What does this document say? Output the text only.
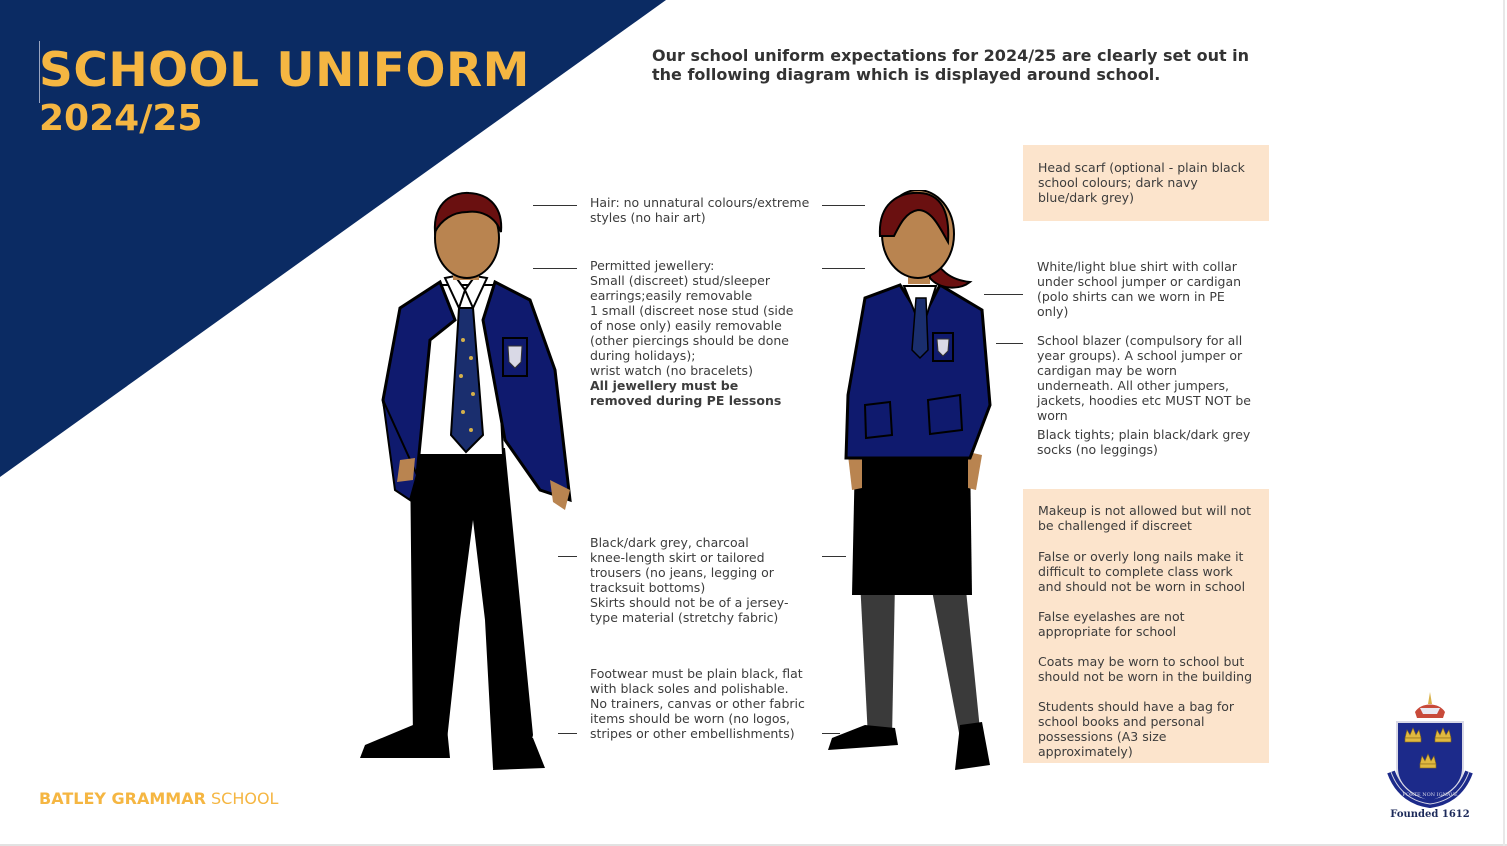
SCHOOL UNIFORM
2024/25
Our school uniform expectations for 2024/25 are clearly set out in the following diagram which is displayed around school.

Hair: no unnatural colours/extreme styles (no hair art)

Permitted jewellery:

Small (discreet) stud/sleeper earrings;easily removable

1 small (discreet nose stud (side of nose only) easily removable

(other piercings should be done during holidays);

wrist watch (no bracelets)

All jewellery must be removed during PE lessons

Black/dark grey, charcoal

knee-length skirt or tailored trousers (no jeans, legging or tracksuit bottoms)

Skirts should not be of a jersey-type material (stretchy fabric)

Footwear must be plain black, flat with black soles and polishable. No trainers, canvas or other fabric items should be worn (no logos, stripes or other embellishments)

Head scarf (optional - plain black school colours; dark navy blue/dark grey)

White/light blue shirt with collar under school jumper or cardigan (polo shirts can we worn in PE only)

School blazer (compulsory for all year groups). A school jumper or cardigan may be worn underneath. All other jumpers, jackets, hoodies etc MUST NOT be worn

Black tights; plain black/dark grey socks (no leggings)

Makeup is not allowed but will not be challenged if discreet
False or overly long nails make it difficult to complete class work and should not be worn in school
False eyelashes are not appropriate for school
Coats may be worn to school but should not be worn in the building
Students should have a bag for school books and personal possessions (A3 size approximately)
BATLEY GRAMMAR SCHOOL	FORTE NON IGNAVE
Founded 1612
